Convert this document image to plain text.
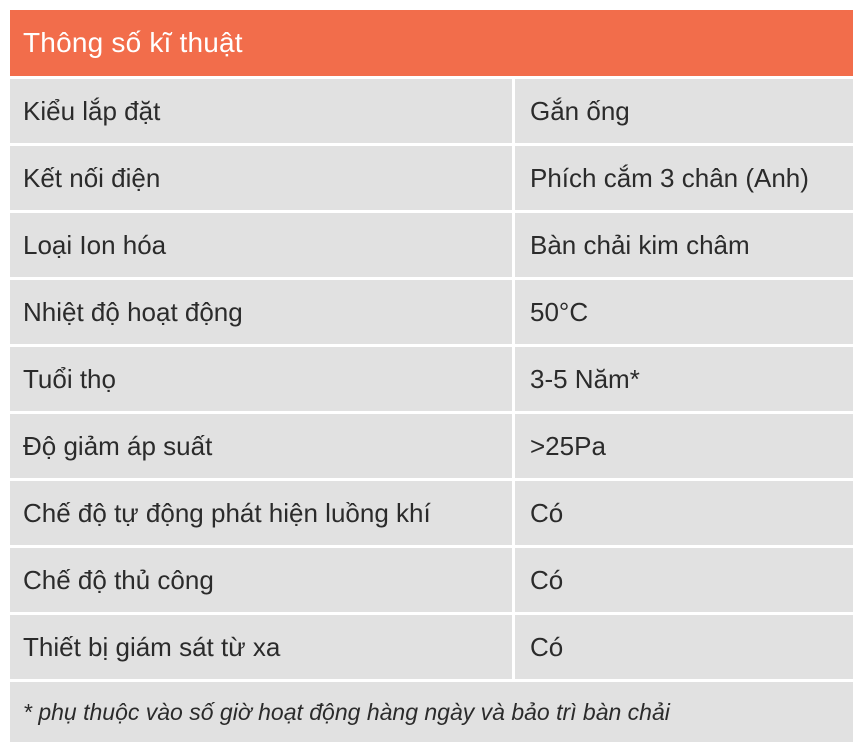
Thông số kĩ thuật
Kiểu lắp đặt	Gắn ống
Kết nối điện	Phích cắm 3 chân (Anh)
Loại Ion hóa	Bàn chải kim châm
Nhiệt độ hoạt động	50°C
Tuổi thọ	3-5 Năm*
Độ giảm áp suất	>25Pa
Chế độ tự động phát hiện luồng khí	Có
Chế độ thủ công	Có
Thiết bị giám sát từ xa	Có
* phụ thuộc vào số giờ hoạt động hàng ngày và bảo trì bàn chải
